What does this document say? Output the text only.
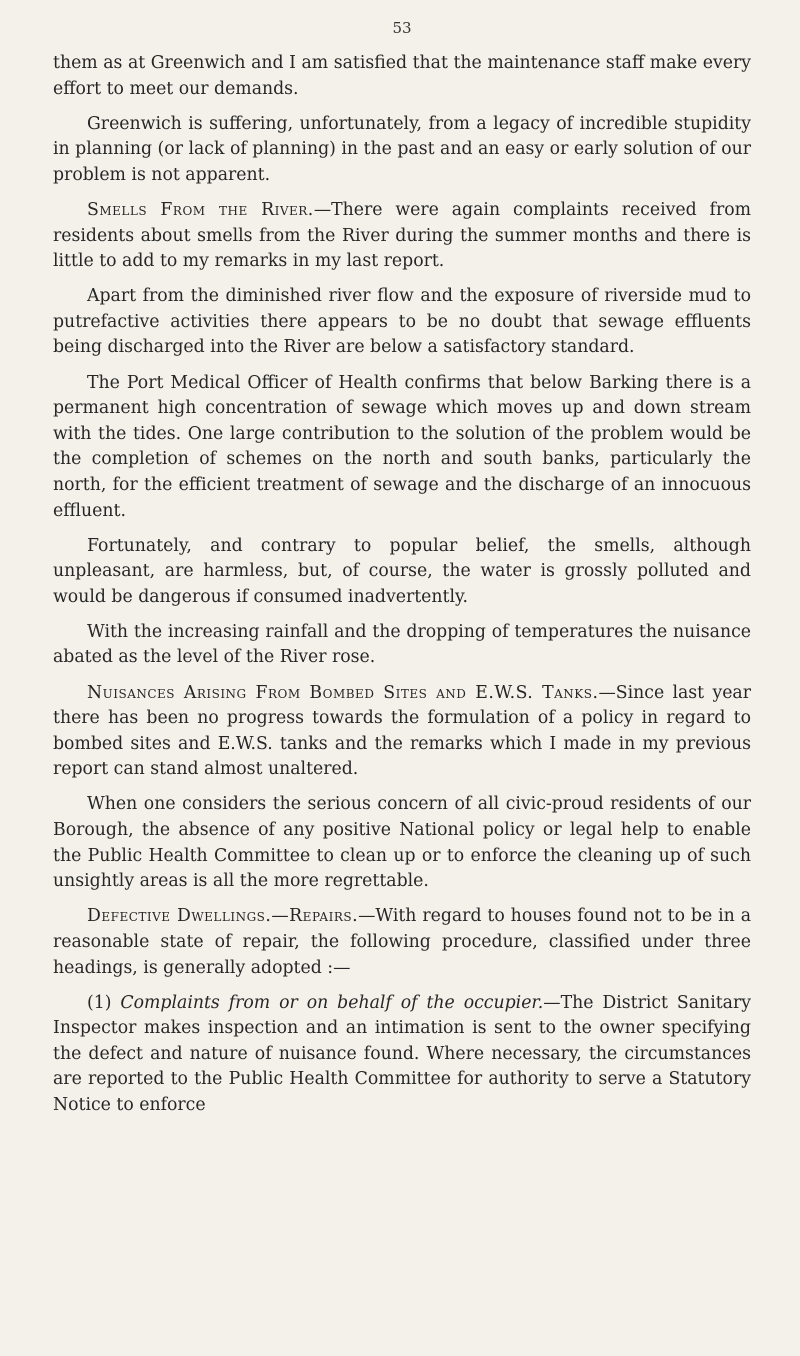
53

them as at Greenwich and I am satisfied that the maintenance staff make every effort to meet our demands.

Greenwich is suffering, unfortunately, from a legacy of incredible stupidity in planning (or lack of planning) in the past and an easy or early solution of our problem is not apparent.

Smells From the River.—There were again complaints received from residents about smells from the River during the summer months and there is little to add to my remarks in my last report.

Apart from the diminished river flow and the exposure of riverside mud to putrefactive activities there appears to be no doubt that sewage effluents being discharged into the River are below a satisfactory standard.

The Port Medical Officer of Health confirms that below Barking there is a permanent high concentration of sewage which moves up and down stream with the tides. One large contribution to the solution of the problem would be the completion of schemes on the north and south banks, particularly the north, for the efficient treatment of sewage and the discharge of an innocuous effluent.

Fortunately, and contrary to popular belief, the smells, although unpleasant, are harmless, but, of course, the water is grossly polluted and would be dangerous if consumed inadvertently.

With the increasing rainfall and the dropping of temperatures the nuisance abated as the level of the River rose.

Nuisances Arising From Bombed Sites and E.W.S. Tanks.—Since last year there has been no progress towards the formulation of a policy in regard to bombed sites and E.W.S. tanks and the remarks which I made in my previous report can stand almost unaltered.

When one considers the serious concern of all civic-proud residents of our Borough, the absence of any positive National policy or legal help to enable the Public Health Committee to clean up or to enforce the cleaning up of such unsightly areas is all the more regrettable.

Defective Dwellings.—Repairs.—With regard to houses found not to be in a reasonable state of repair, the following procedure, classified under three headings, is generally adopted :—

(1) Complaints from or on behalf of the occupier.—The District Sanitary Inspector makes inspection and an intimation is sent to the owner specifying the defect and nature of nuisance found. Where necessary, the circumstances are reported to the Public Health Committee for authority to serve a Statutory Notice to enforce
